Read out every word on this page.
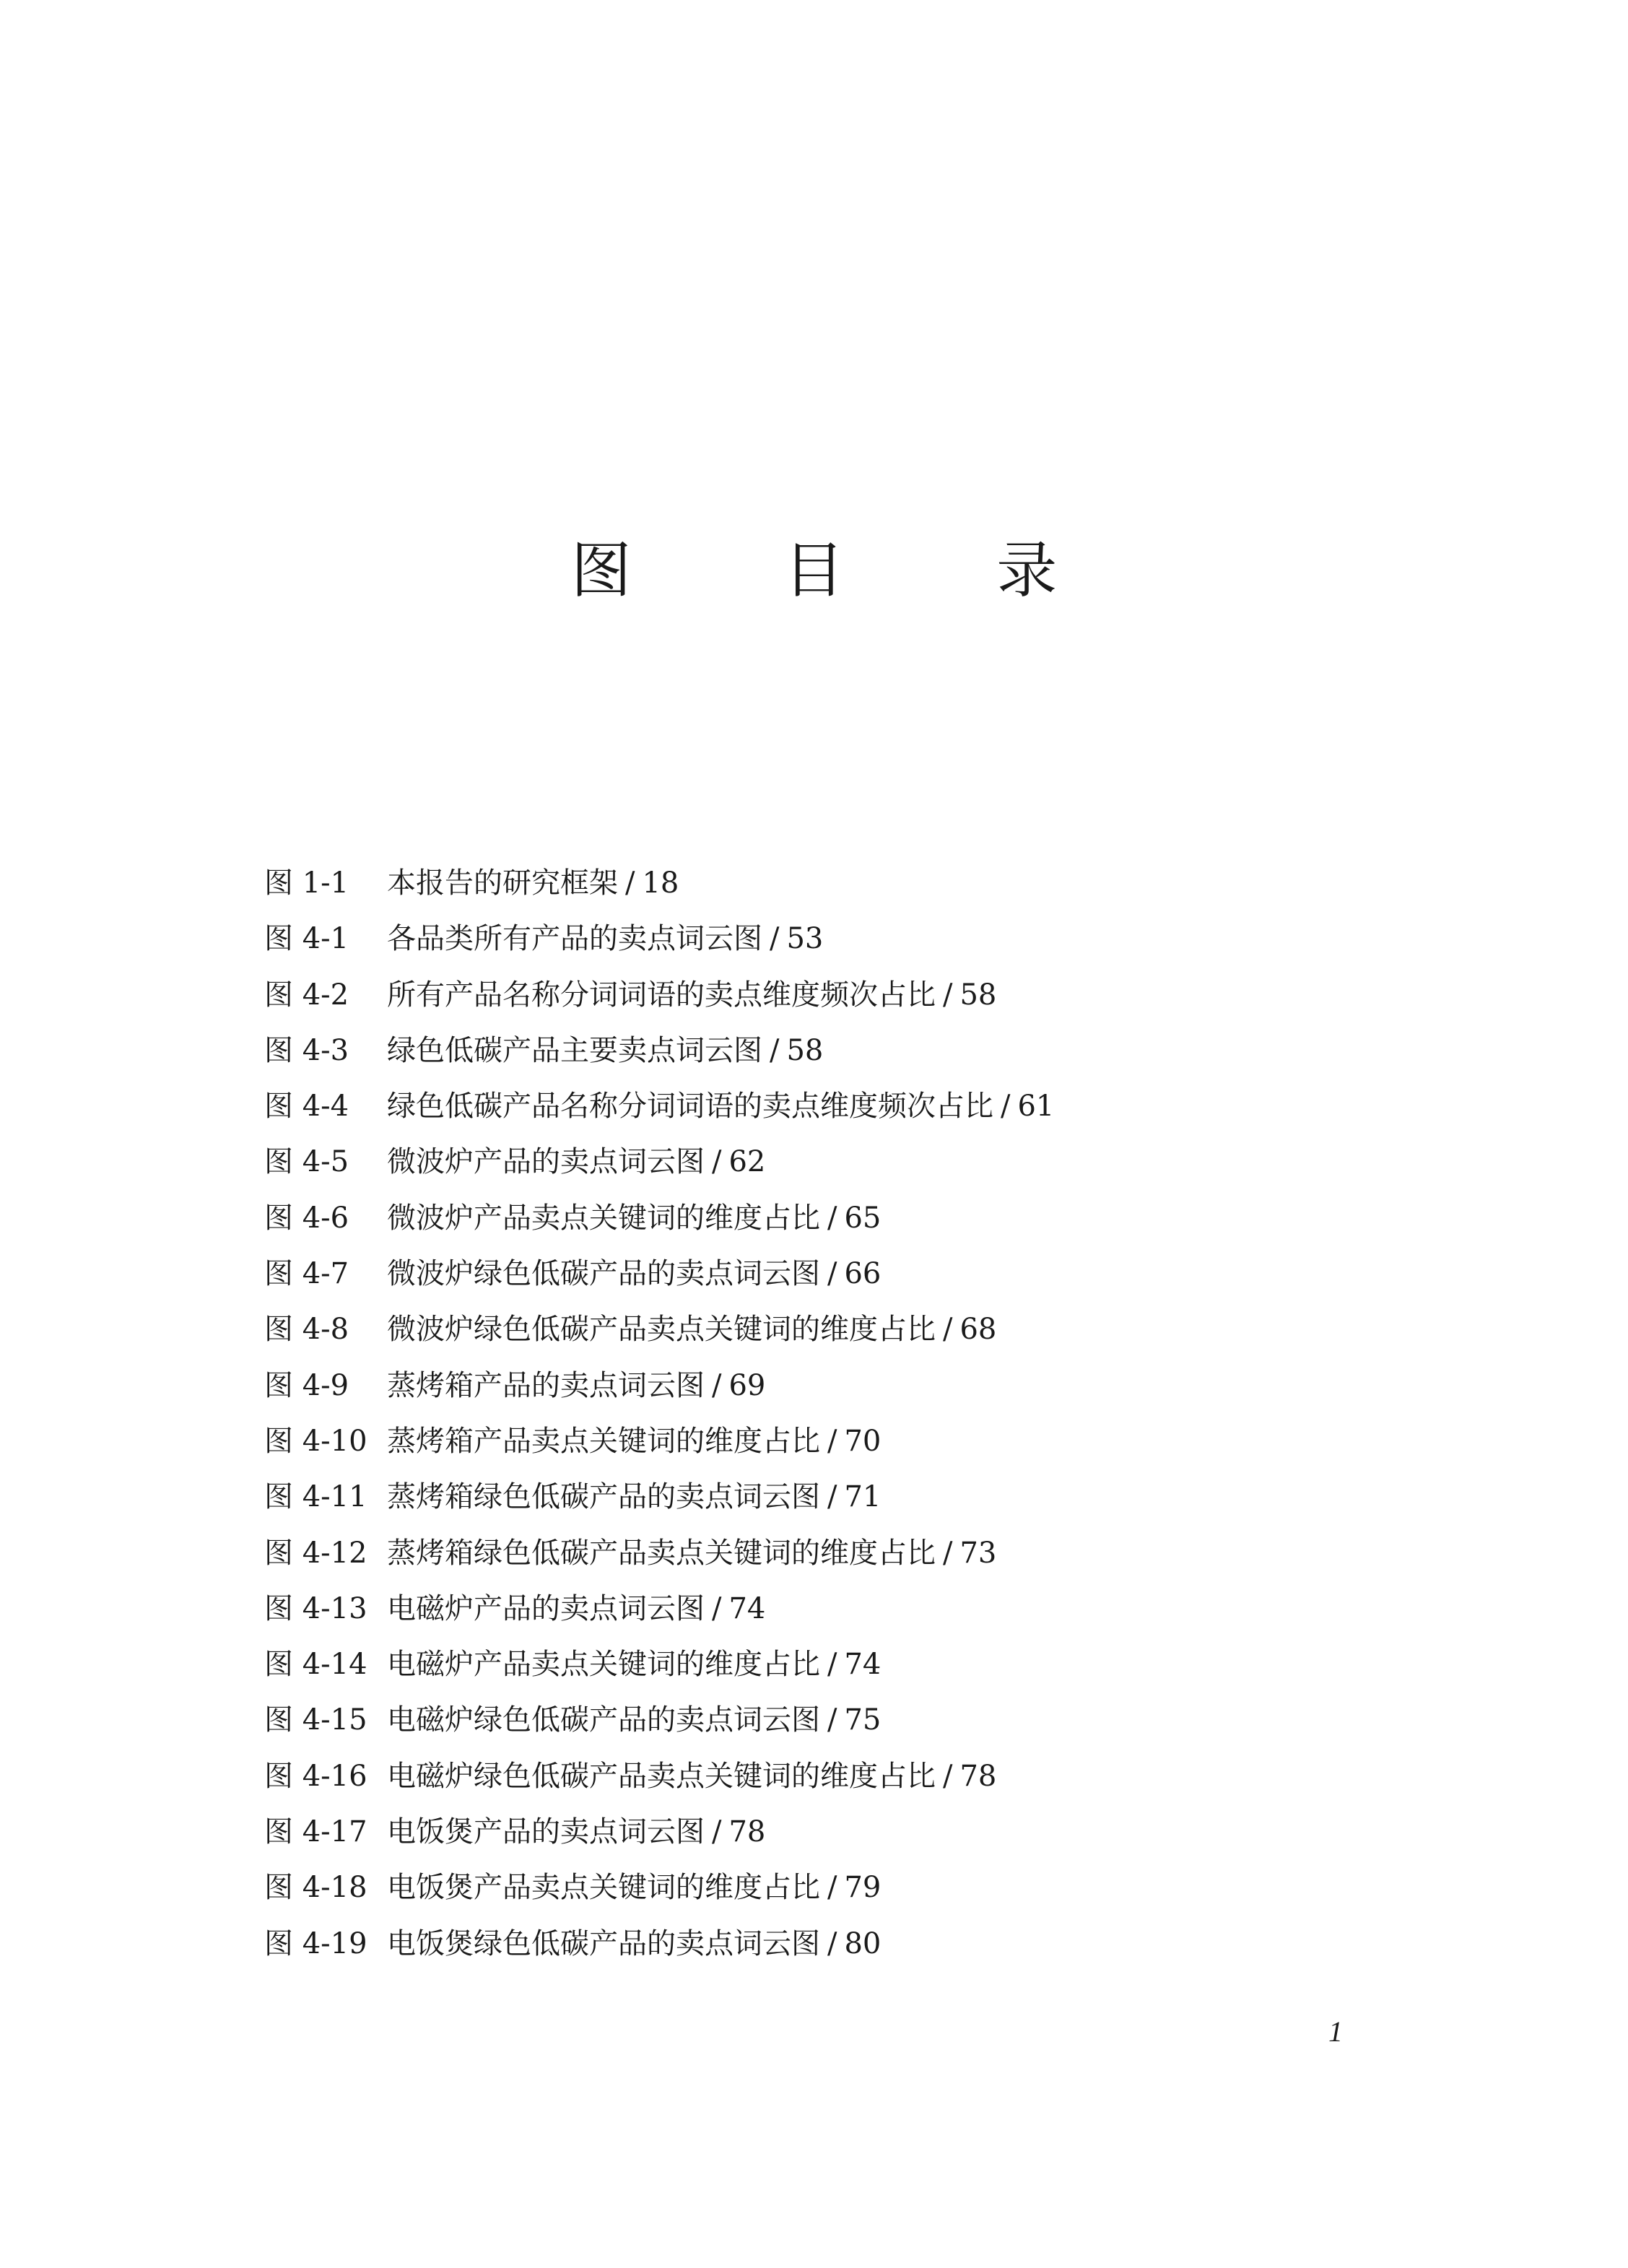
图 目 录
图 1-1	本报告的研究框架 / 18
图 4-1	各品类所有产品的卖点词云图 / 53
图 4-2	所有产品名称分词词语的卖点维度频次占比 / 58
图 4-3	绿色低碳产品主要卖点词云图 / 58
图 4-4	绿色低碳产品名称分词词语的卖点维度频次占比 / 61
图 4-5	微波炉产品的卖点词云图 / 62
图 4-6	微波炉产品卖点关键词的维度占比 / 65
图 4-7	微波炉绿色低碳产品的卖点词云图 / 66
图 4-8	微波炉绿色低碳产品卖点关键词的维度占比 / 68
图 4-9	蒸烤箱产品的卖点词云图 / 69
图 4-10 蒸烤箱产品卖点关键词的维度占比 / 70
图 4-11 蒸烤箱绿色低碳产品的卖点词云图 / 71
图 4-12 蒸烤箱绿色低碳产品卖点关键词的维度占比 / 73
图 4-13 电磁炉产品的卖点词云图 / 74
图 4-14 电磁炉产品卖点关键词的维度占比 / 74
图 4-15 电磁炉绿色低碳产品的卖点词云图 / 75
图 4-16 电磁炉绿色低碳产品卖点关键词的维度占比 / 78
图 4-17 电饭煲产品的卖点词云图 / 78
图 4-18 电饭煲产品卖点关键词的维度占比 / 79
图 4-19 电饭煲绿色低碳产品的卖点词云图 / 80
1
